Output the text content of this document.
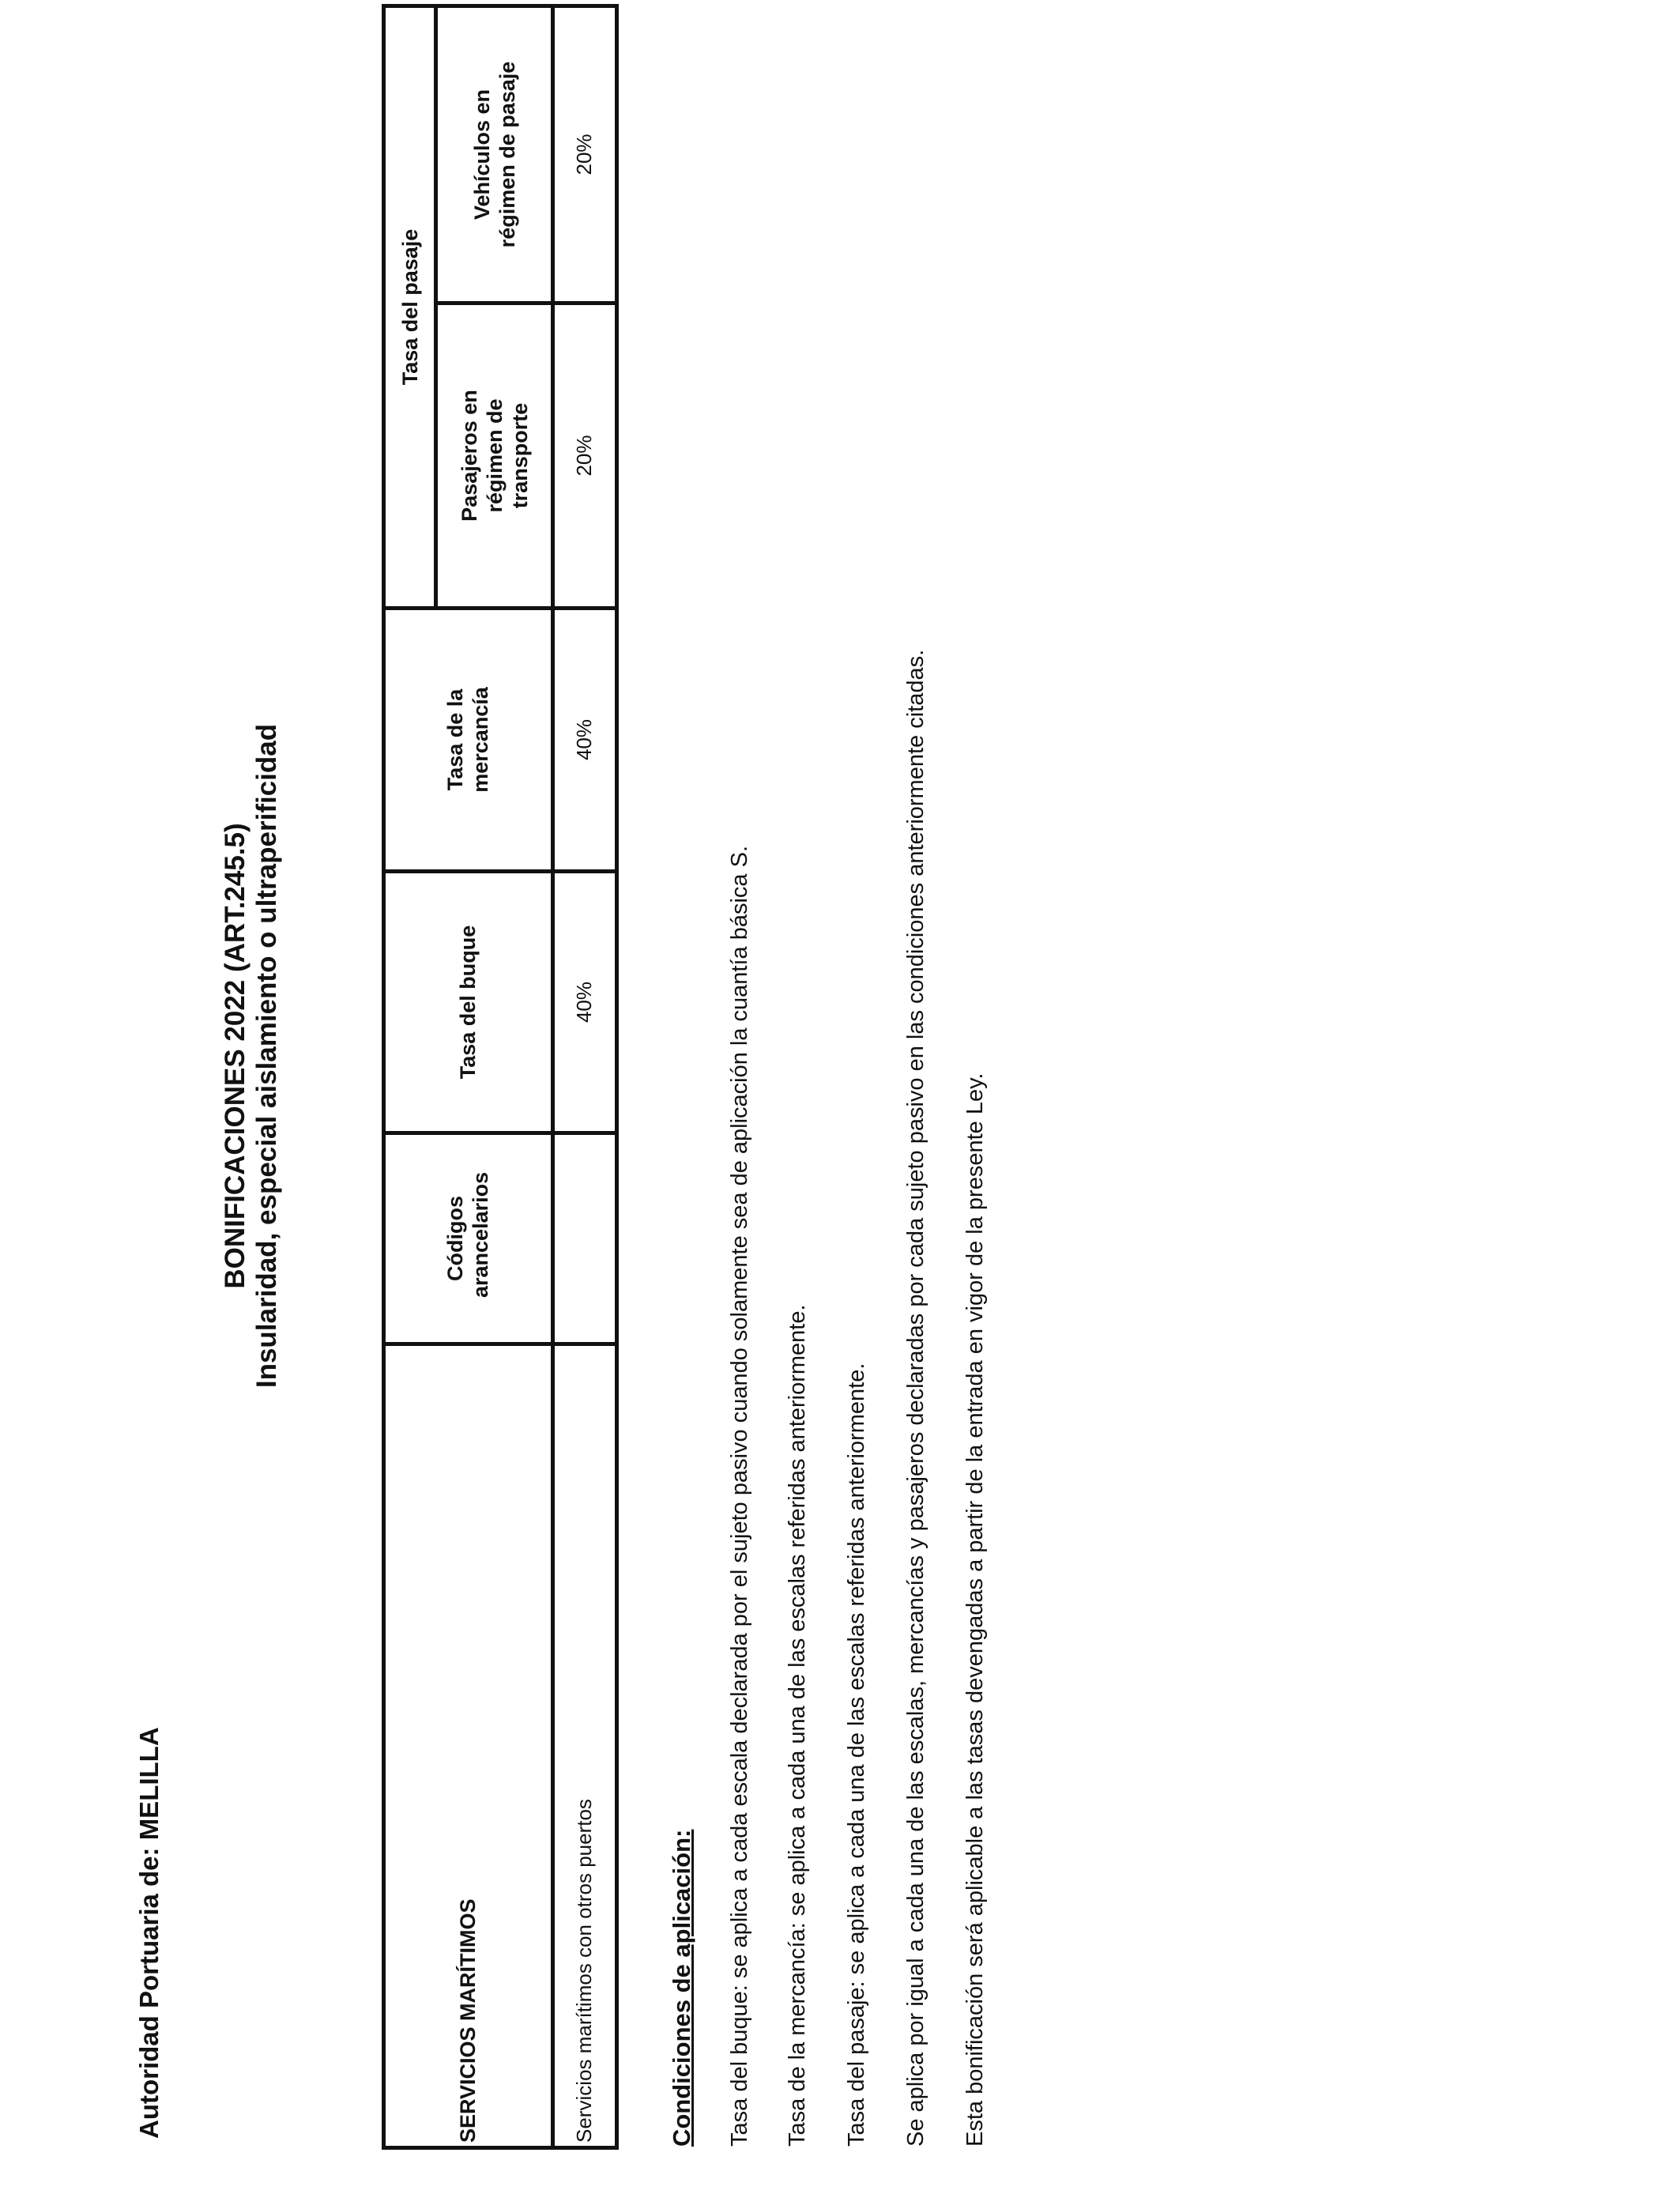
Autoridad Portuaria de: MELILLA
BONIFICACIONES 2022 (ART.245.5) Insularidad, especial aislamiento o ultraperificidad
SERVICIOS MARÍTIMOS	Códigos arancelarios	Tasa del buque	Tasa de la mercancía	Tasa del pasaje	

				Pasajeros en régimen de transporte	Vehículos en régimen de pasaje

Servicios marítimos con otros puertos		40%	40%	20%	20%
Condiciones de aplicación: Tasa del buque: se aplica a cada escala declarada por el sujeto pasivo cuando solamente sea de aplicación la cuantía básica S. Tasa de la mercancía: se aplica a cada una de las escalas referidas anteriormente. Tasa del pasaje: se aplica a cada una de las escalas referidas anteriormente. Se aplica por igual a cada una de las escalas, mercancías y pasajeros declaradas por cada sujeto pasivo en las condiciones anteriormente citadas. Esta bonificación será aplicable a las tasas devengadas a partir de la entrada en vigor de la presente Ley.
